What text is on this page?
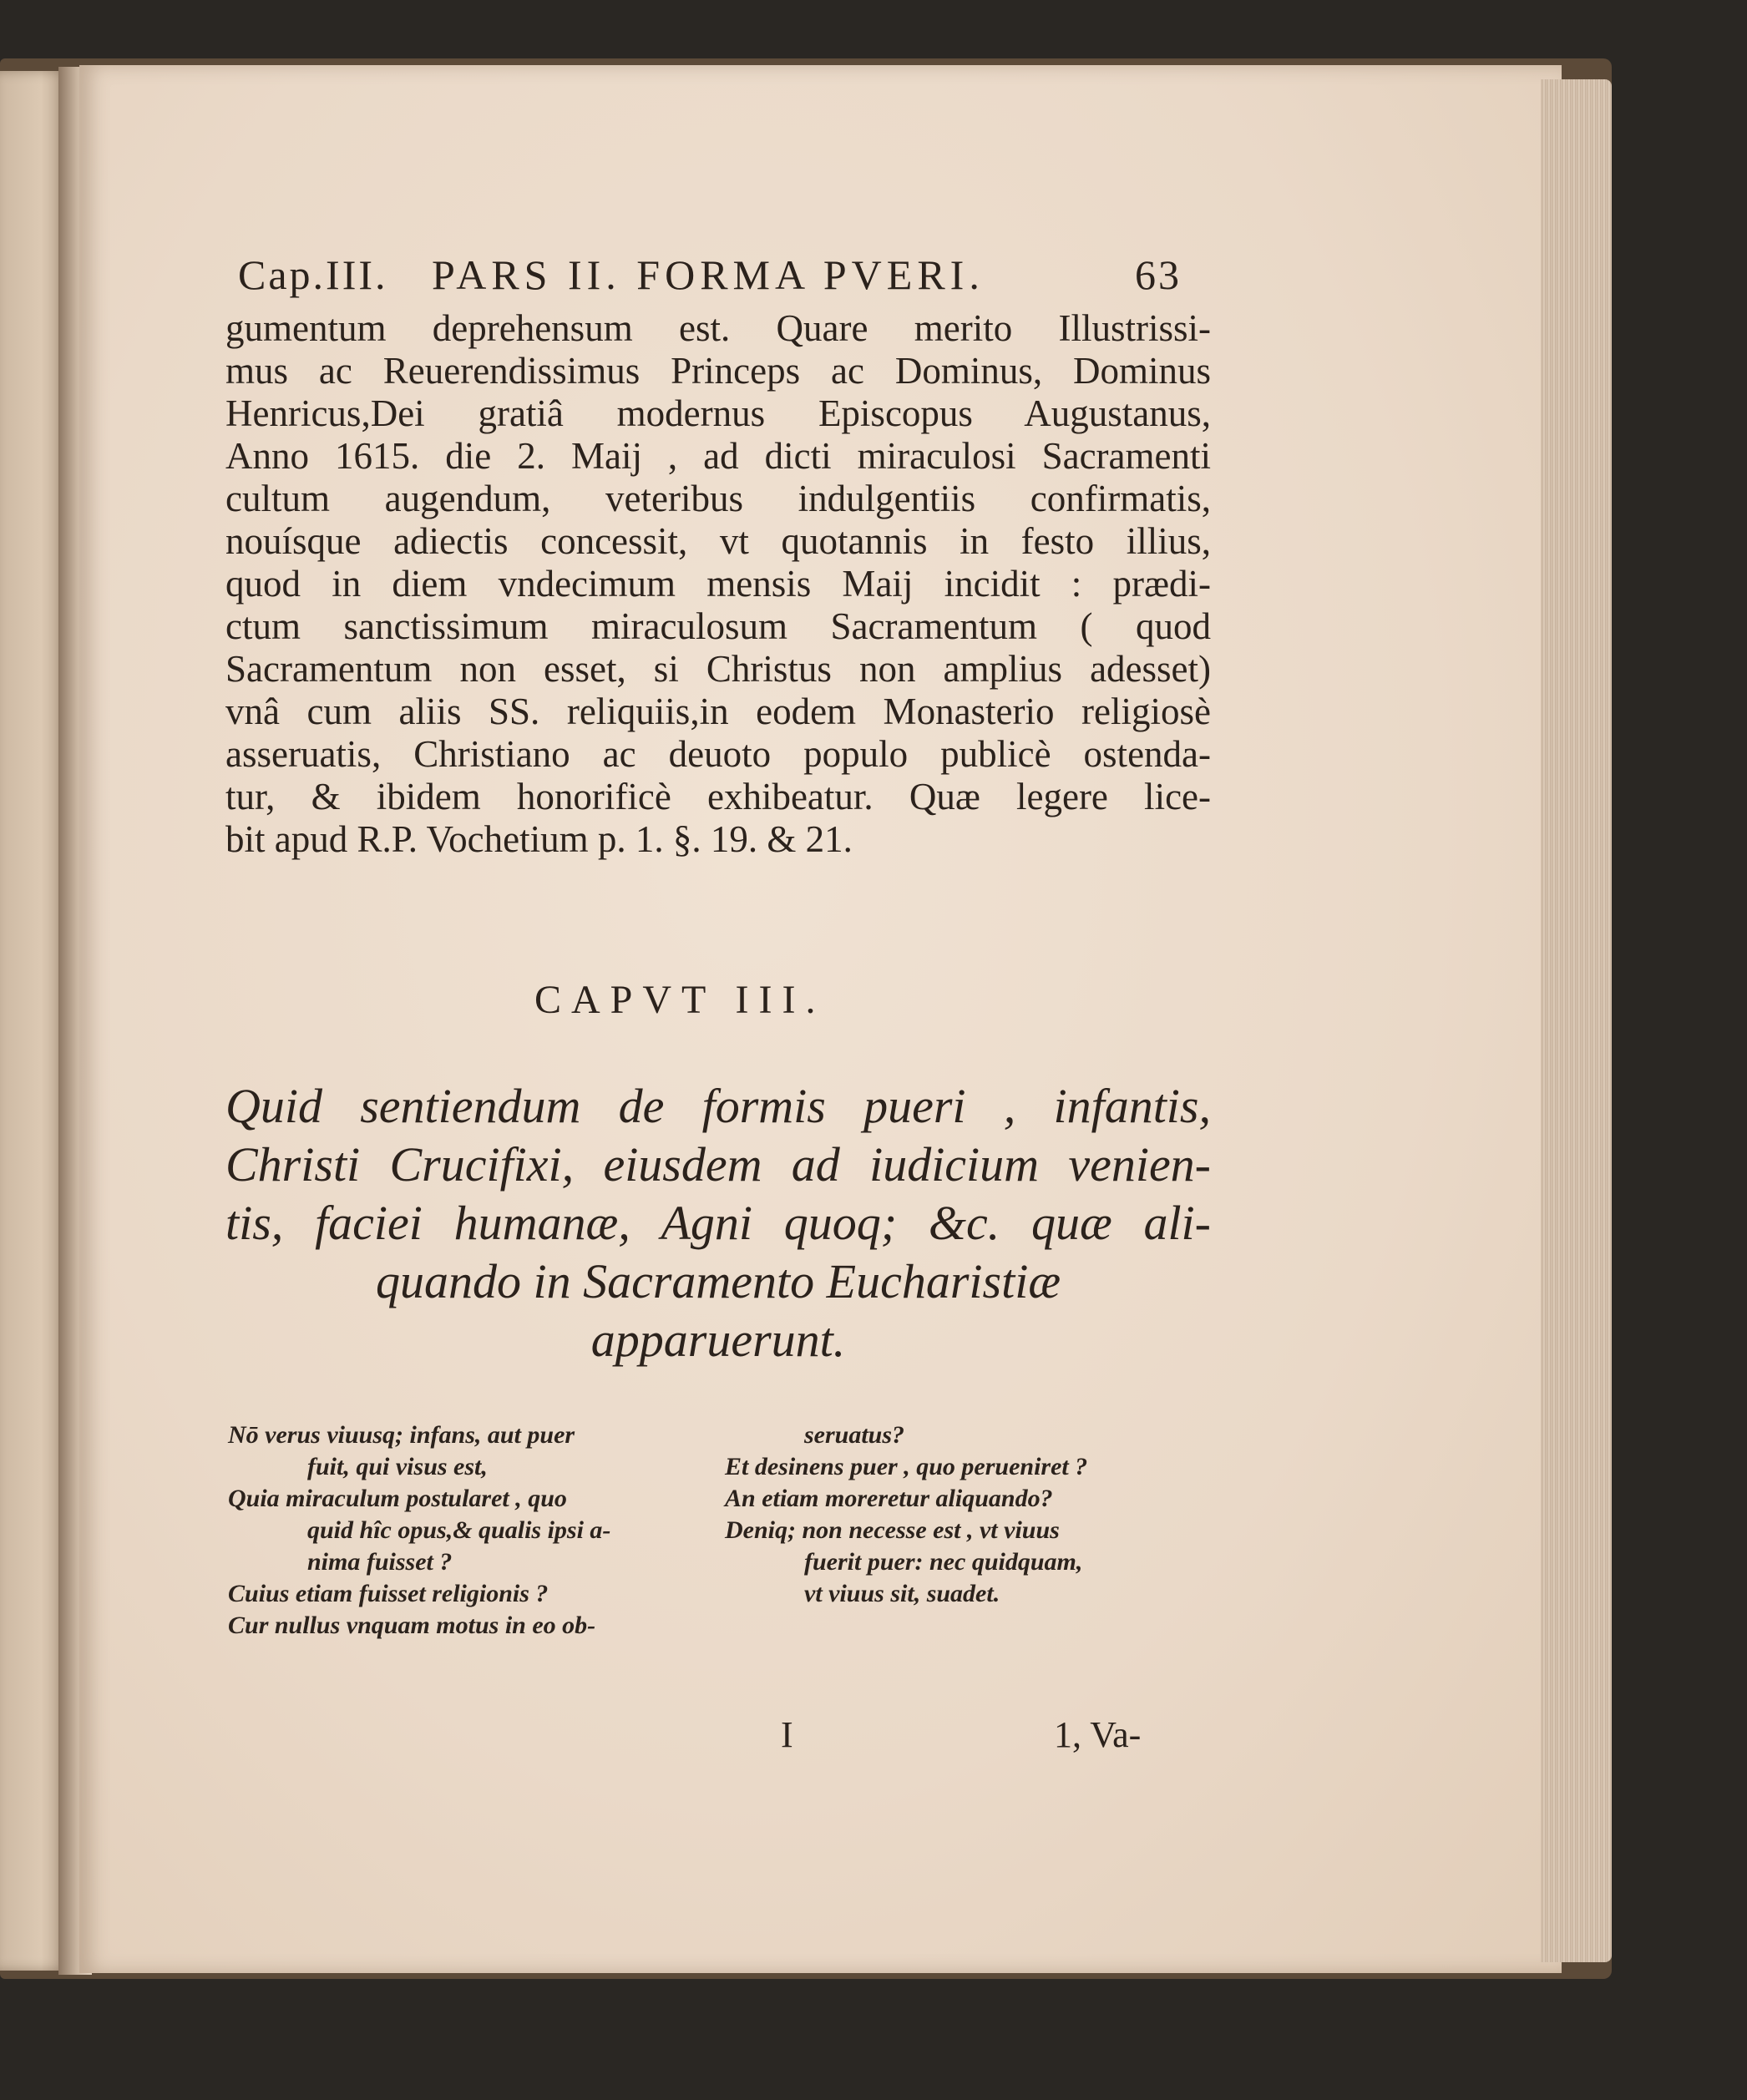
Cap.III. PARS II. FORMA PVERI.	63
gumentum deprehensum est. Quare merito Illustrissi-
mus ac Reuerendissimus Princeps ac Dominus, Dominus
Henricus,Dei gratiâ modernus Episcopus Augustanus,
Anno 1615. die 2. Maij , ad dicti miraculosi Sacramenti
cultum augendum, veteribus indulgentiis confirmatis,
nouísque adiectis concessit, vt quotannis in festo illius,
quod in diem vndecimum mensis Maij incidit : prædi-
ctum sanctissimum miraculosum Sacramentum ( quod
Sacramentum non esset, si Christus non amplius adesset)
vnâ cum aliis SS. reliquiis,in eodem Monasterio religiosè
asseruatis, Christiano ac deuoto populo publicè ostenda-
tur, & ibidem honorificè exhibeatur. Quæ legere lice-
bit apud R.P. Vochetium p. 1. §. 19. & 21.
CAPVT III.
Quid sentiendum de formis pueri , infantis,
Christi Crucifixi, eiusdem ad iudicium venien-
tis, faciei humanæ, Agni quoq; &c. quæ ali-
quando in Sacramento Eucharistiæ
apparuerunt.
Nō verus viuusq; infans, aut puer
fuit, qui visus est,
Quia miraculum postularet , quo
quid hîc opus,& qualis ipsi a-
nima fuisset ?
Cuius etiam fuisset religionis ?
Cur nullus vnquam motus in eo ob-
seruatus?
Et desinens puer , quo perueniret ?
An etiam moreretur aliquando?
Deniq; non necesse est , vt viuus
fuerit puer: nec quidquam,
vt viuus sit, suadet.
I	1, Va-
